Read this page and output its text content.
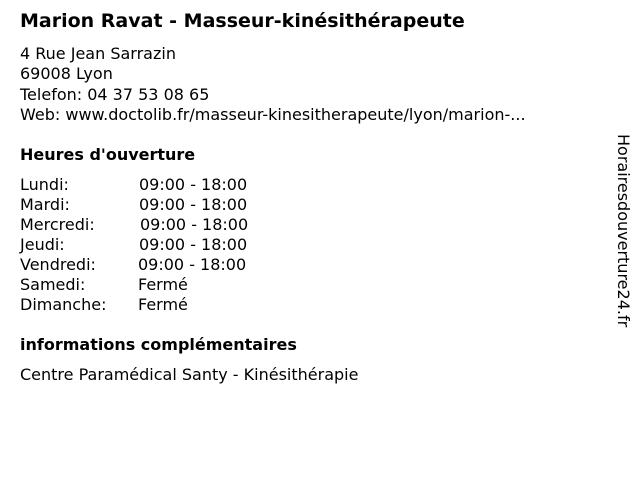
Marion Ravat - Masseur-kinésithérapeute
4 Rue Jean Sarrazin
69008 Lyon
Telefon: 04 37 53 08 65
Web: www.doctolib.fr/masseur-kinesitherapeute/lyon/marion-...
Heures d'ouverture
Lundi:	09:00 - 18:00
Mardi:	09:00 - 18:00
Mercredi:	09:00 - 18:00
Jeudi:	09:00 - 18:00
Vendredi:	09:00 - 18:00
Samedi:	Fermé
Dimanche: Fermé
informations complémentaires
Centre Paramédical Santy - Kinésithérapie
Horairesdouverture24.fr
